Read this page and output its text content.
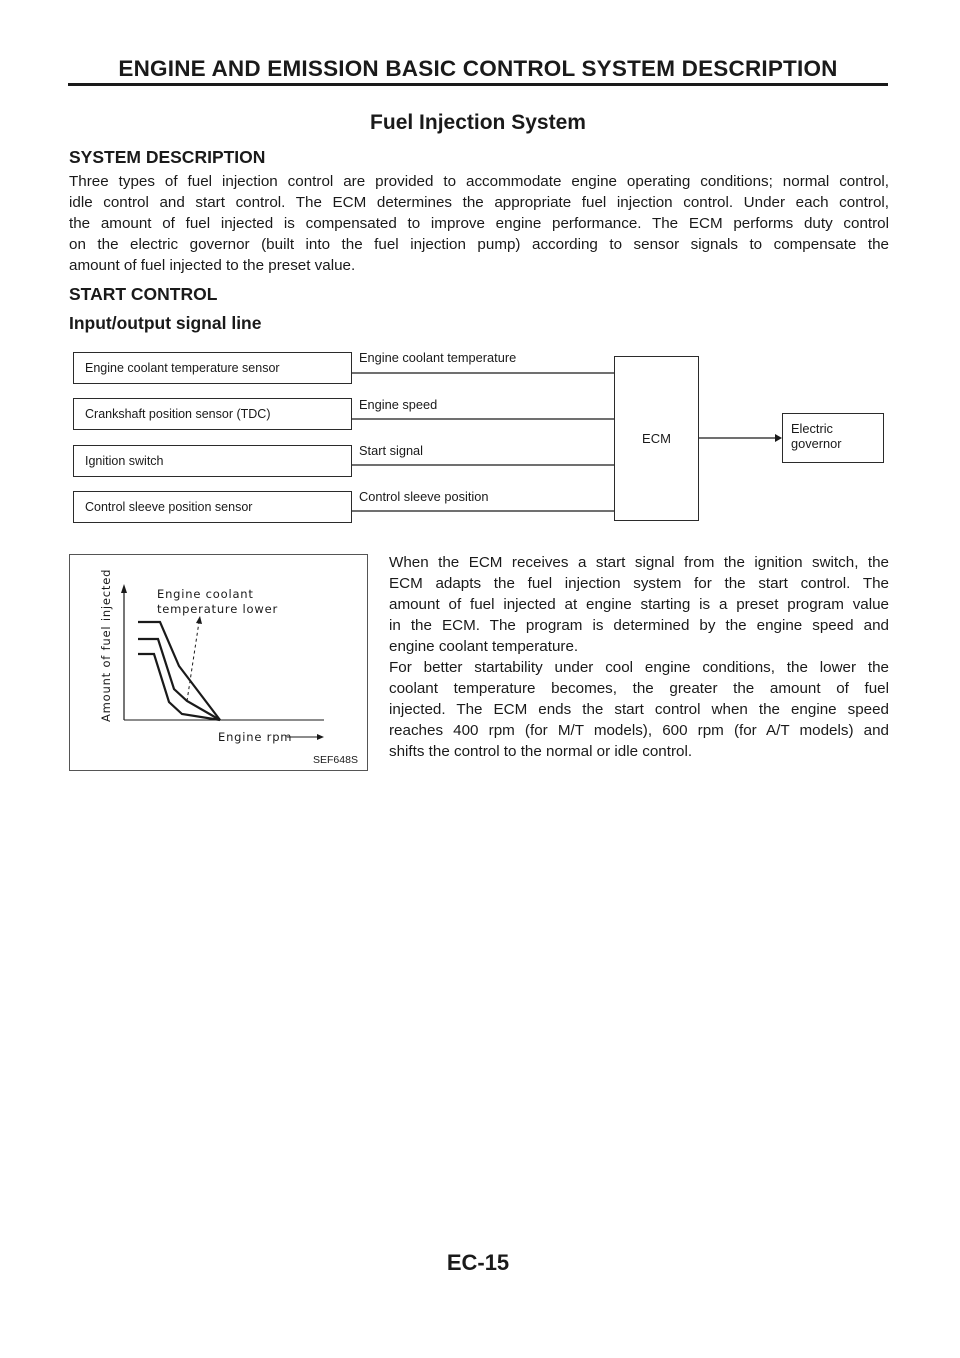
ENGINE AND EMISSION BASIC CONTROL SYSTEM DESCRIPTION
Fuel Injection System
SYSTEM DESCRIPTION
Three types of fuel injection control are provided to accommodate engine operating conditions; normal control,
idle control and start control. The ECM determines the appropriate fuel injection control. Under each control,
the amount of fuel injected is compensated to improve engine performance. The ECM performs duty control
on the electric governor (built into the fuel injection pump) according to sensor signals to compensate the
amount of fuel injected to the preset value.
START CONTROL
Input/output signal line
Engine coolant temperature sensor
Crankshaft position sensor (TDC)
Ignition switch
Control sleeve position sensor
Engine coolant temperature
Engine speed
Start signal
Control sleeve position
ECM
Electric
governor
Engine coolant
temperature lower
Engine rpm
Amount of fuel injected
SEF648S
When the ECM receives a start signal from the ignition switch, the
ECM adapts the fuel injection system for the start control. The
amount of fuel injected at engine starting is a preset program value
in the ECM. The program is determined by the engine speed and
engine coolant temperature.
For better startability under cool engine conditions, the lower the
coolant temperature becomes, the greater the amount of fuel
injected. The ECM ends the start control when the engine speed
reaches 400 rpm (for M/T models), 600 rpm (for A/T models) and
shifts the control to the normal or idle control.
EC-15
